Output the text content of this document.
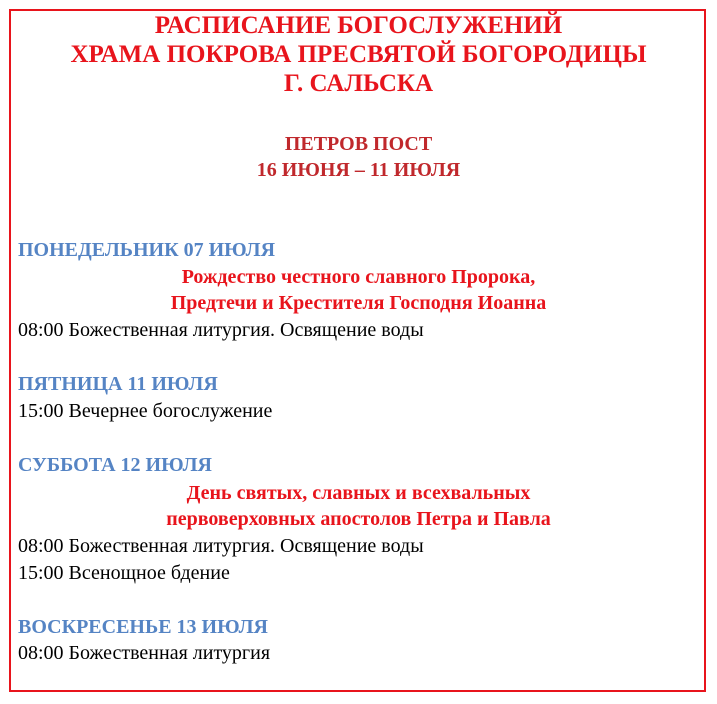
РАСПИСАНИЕ БОГОСЛУЖЕНИЙ
ХРАМА ПОКРОВА ПРЕСВЯТОЙ БОГОРОДИЦЫ
Г. САЛЬСКА
ПЕТРОВ ПОСТ
16 ИЮНЯ – 11 ИЮЛЯ
ПОНЕДЕЛЬНИК 07 ИЮЛЯ
Рождество честного славного Пророка,
Предтечи и Крестителя Господня Иоанна
08:00 Божественная литургия. Освящение воды
ПЯТНИЦА 11 ИЮЛЯ
15:00 Вечернее богослужение
СУББОТА 12 ИЮЛЯ
День святых, славных и всехвальных
первоверховных апостолов Петра и Павла
08:00 Божественная литургия. Освящение воды
15:00 Всенощное бдение
ВОСКРЕСЕНЬЕ 13 ИЮЛЯ
08:00 Божественная литургия
